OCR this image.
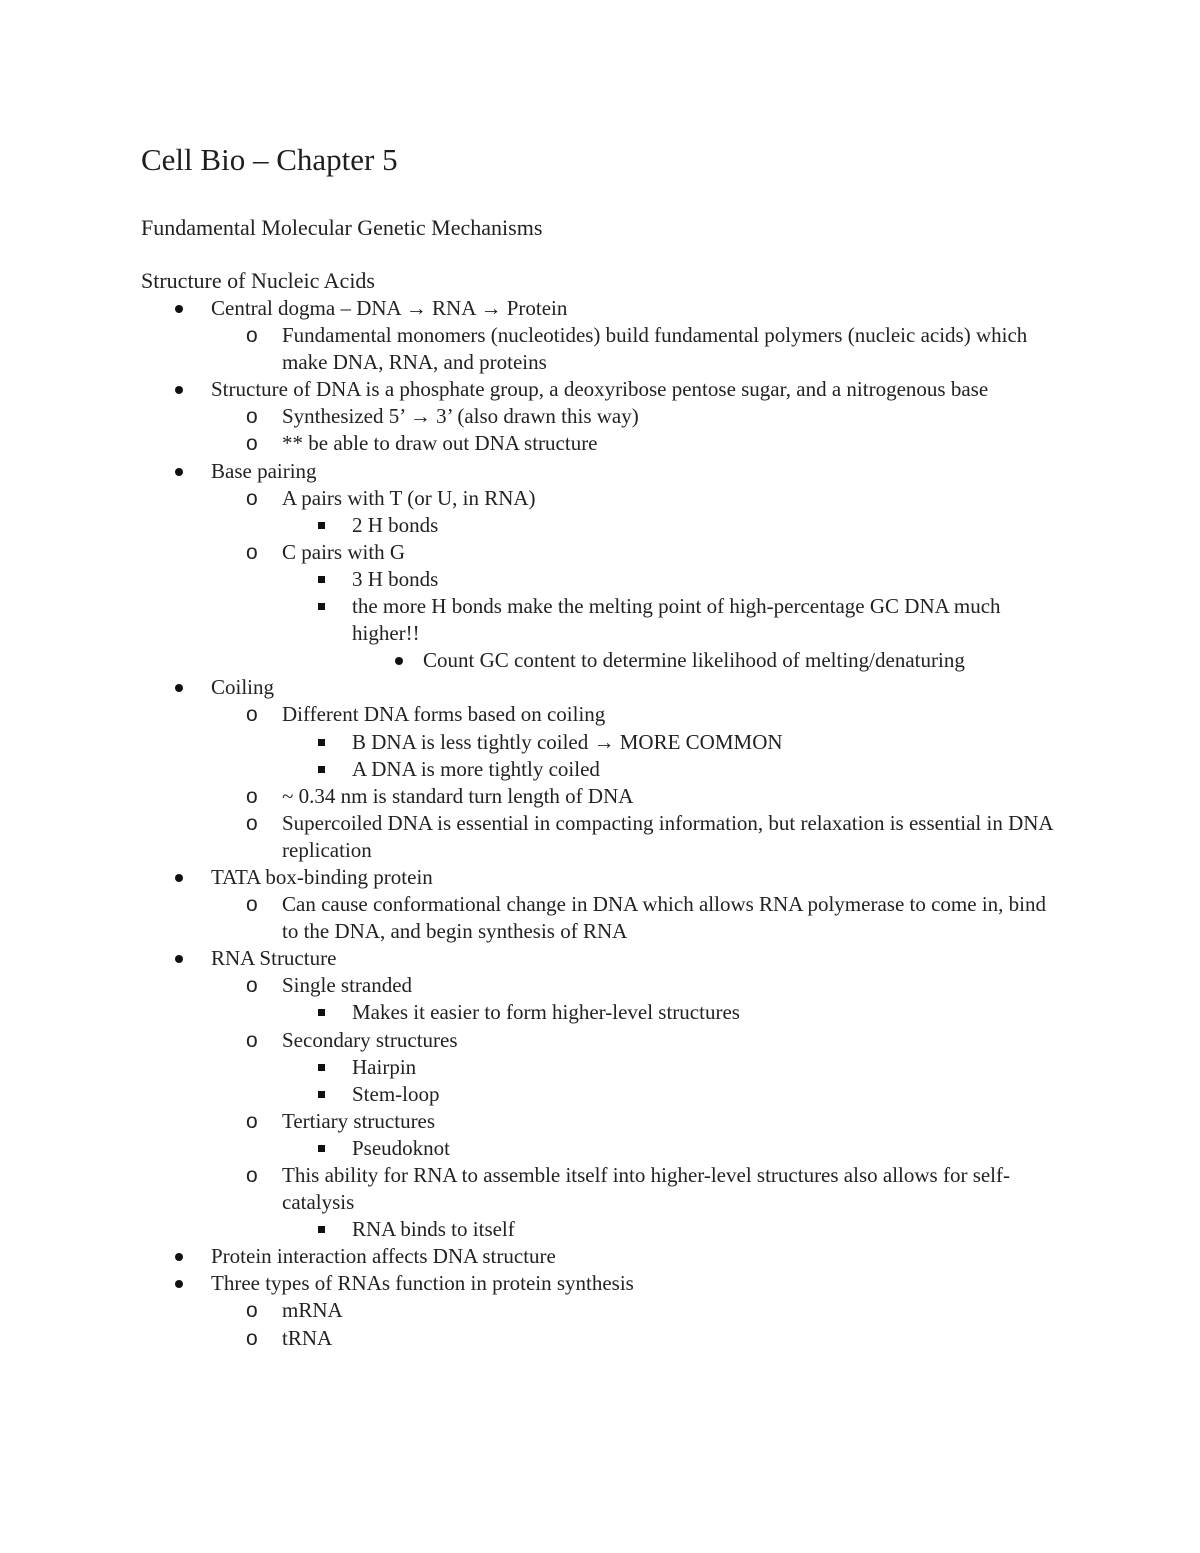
Cell Bio – Chapter 5
Fundamental Molecular Genetic Mechanisms
Structure of Nucleic Acids
Central dogma – DNA → RNA → Protein
o Fundamental monomers (nucleotides) build fundamental polymers (nucleic acids) which make DNA, RNA, and proteins
Structure of DNA is a phosphate group, a deoxyribose pentose sugar, and a nitrogenous base
o Synthesized 5’ → 3’ (also drawn this way)
o ** be able to draw out DNA structure
Base pairing
o A pairs with T (or U, in RNA)
2 H bonds
o C pairs with G
3 H bonds
the more H bonds make the melting point of high-percentage GC DNA much higher!!
Count GC content to determine likelihood of melting/denaturing
Coiling
o Different DNA forms based on coiling
B DNA is less tightly coiled → MORE COMMON
A DNA is more tightly coiled
o ~ 0.34 nm is standard turn length of DNA
o Supercoiled DNA is essential in compacting information, but relaxation is essential in DNA replication
TATA box-binding protein
o Can cause conformational change in DNA which allows RNA polymerase to come in, bind to the DNA, and begin synthesis of RNA
RNA Structure
o Single stranded
Makes it easier to form higher-level structures
o Secondary structures
Hairpin
Stem-loop
o Tertiary structures
Pseudoknot
o This ability for RNA to assemble itself into higher-level structures also allows for self-catalysis
RNA binds to itself
Protein interaction affects DNA structure
Three types of RNAs function in protein synthesis
o mRNA
o tRNA
